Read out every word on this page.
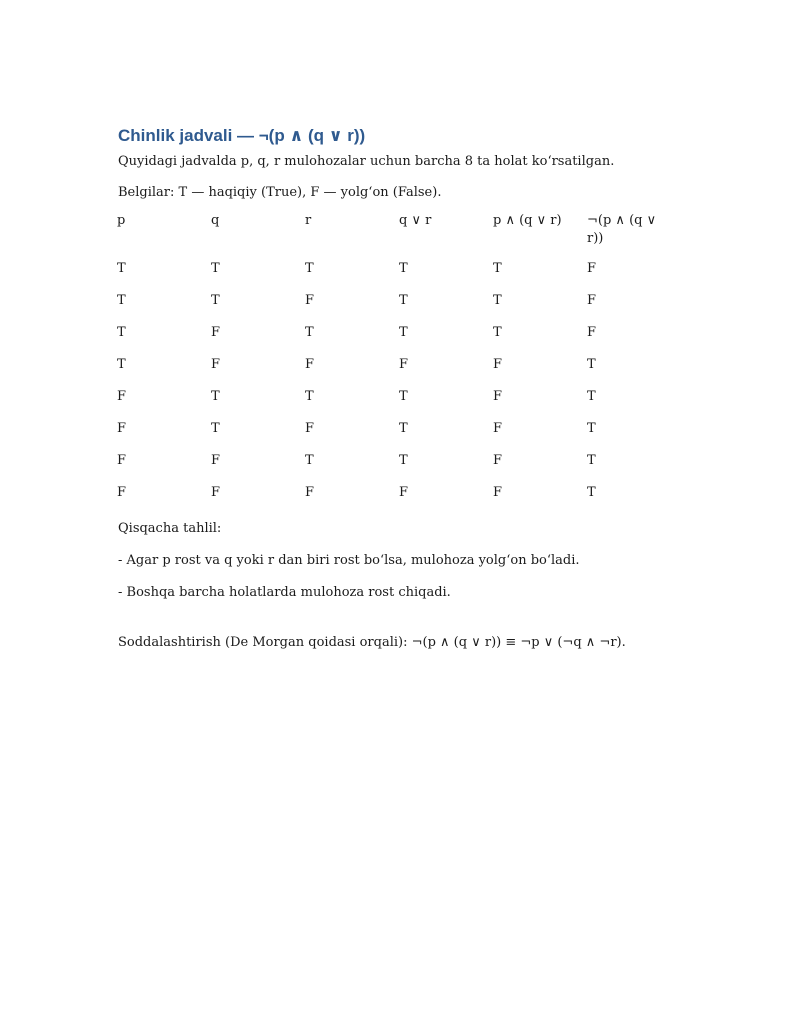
Chinlik jadvali — ¬(p ∧ (q ∨ r))

Quyidagi jadvalda p, q, r mulohozalar uchun barcha 8 ta holat ko‘rsatilgan.

Belgilar: T — haqiqiy (True), F — yolg‘on (False).

p	q	r	q ∨ r	p ∧ (q ∨ r)	¬(p ∧ (q ∨ r))
T	T	T	T	T	F
T	T	F	T	T	F
T	F	T	T	T	F
T	F	F	F	F	T
F	T	T	T	F	T
F	T	F	T	F	T
F	F	T	T	F	T
F	F	F	F	F	T

Qisqacha tahlil:

- Agar p rost va q yoki r dan biri rost bo‘lsa, mulohoza yolg‘on bo‘ladi.

- Boshqa barcha holatlarda mulohoza rost chiqadi.

Soddalashtirish (De Morgan qoidasi orqali): ¬(p ∧ (q ∨ r)) ≡ ¬p ∨ (¬q ∧ ¬r).
